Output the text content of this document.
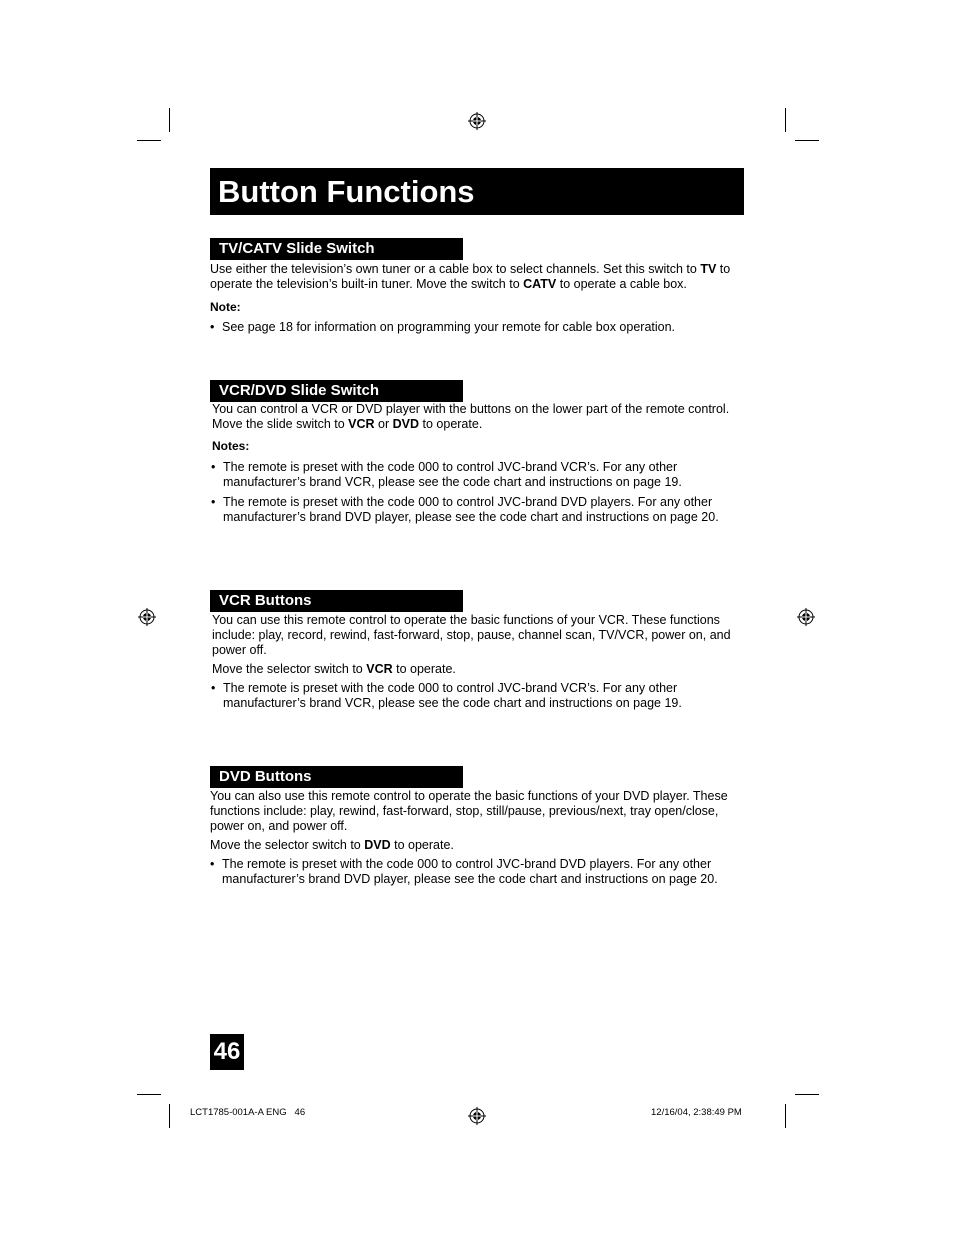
Button Functions
TV/CATV Slide Switch

Use either the television’s own tuner or a cable box to select channels. Set this switch to TV to operate the television’s built-in tuner. Move the switch to CATV to operate a cable box.

Note:
• See page 18 for information on programming your remote for cable box operation.
VCR/DVD Slide Switch

You can control a VCR or DVD player with the buttons on the lower part of the remote control. Move the slide switch to VCR or DVD to operate.

Notes:
• The remote is preset with the code 000 to control JVC-brand VCR’s. For any other manufacturer’s brand VCR, please see the code chart and instructions on page 19.
• The remote is preset with the code 000 to control JVC-brand DVD players. For any other manufacturer’s brand DVD player, please see the code chart and instructions on page 20.
VCR Buttons

You can use this remote control to operate the basic functions of your VCR. These functions include: play, record, rewind, fast-forward, stop, pause, channel scan, TV/VCR, power on, and power off.

Move the selector switch to VCR to operate.

• The remote is preset with the code 000 to control JVC-brand VCR’s. For any other manufacturer’s brand VCR, please see the code chart and instructions on page 19.
DVD Buttons

You can also use this remote control to operate the basic functions of your DVD player. These functions include: play, rewind, fast-forward, stop, still/pause, previous/next, tray open/close, power on, and power off.

Move the selector switch to DVD to operate.

• The remote is preset with the code 000 to control JVC-brand DVD players. For any other manufacturer’s brand DVD player, please see the code chart and instructions on page 20.
46
LCT1785-001A-A ENG   46	12/16/04, 2:38:49 PM
